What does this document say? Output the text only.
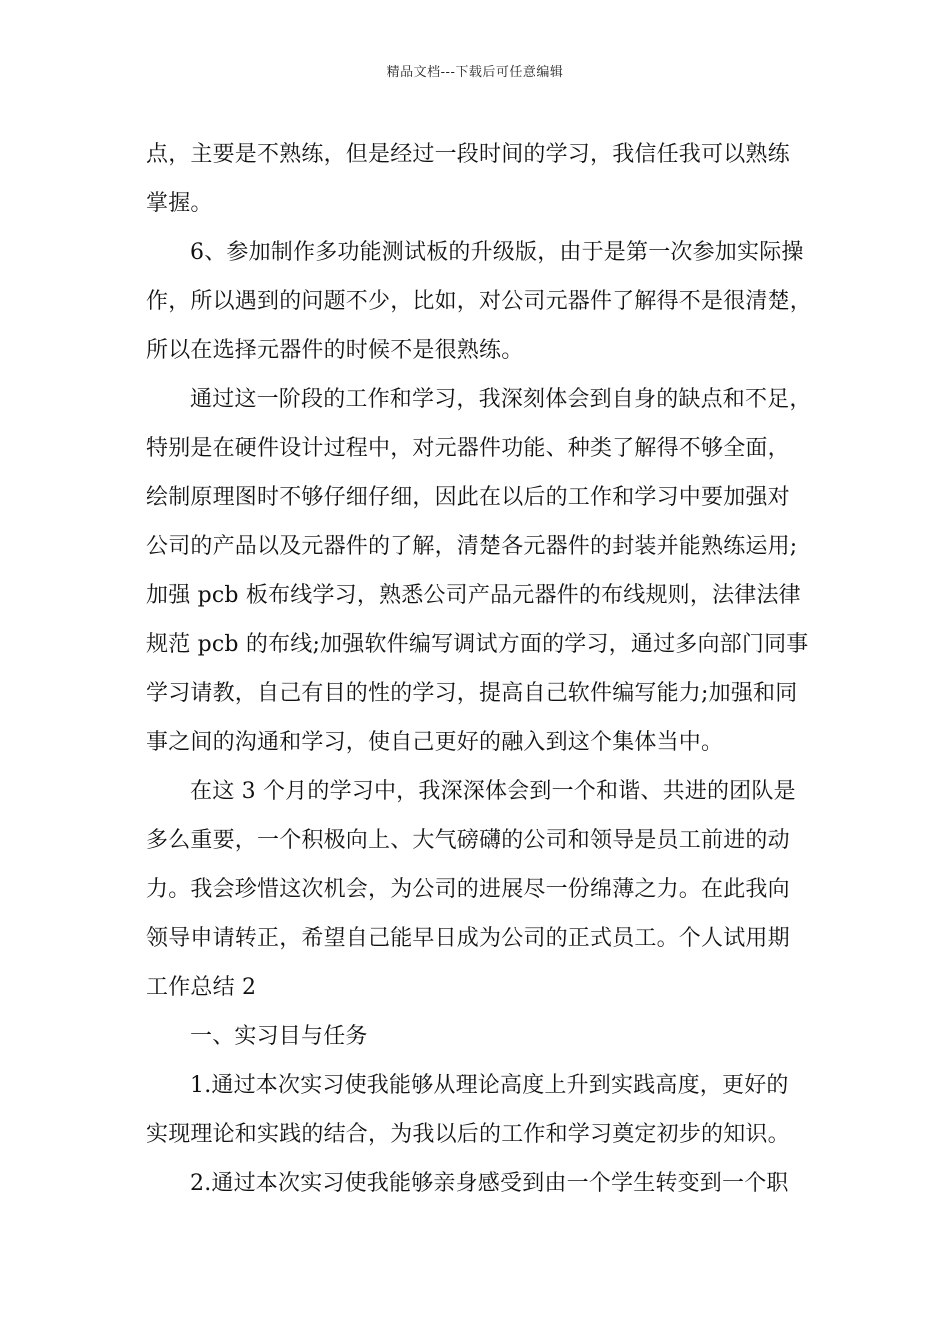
精品文档---下载后可任意编辑
点，主要是不熟练，但是经过一段时间的学习，我信任我可以熟练
掌握。
6、参加制作多功能测试板的升级版，由于是第一次参加实际操
作，所以遇到的问题不少，比如，对公司元器件了解得不是很清楚，
所以在选择元器件的时候不是很熟练。
通过这一阶段的工作和学习，我深刻体会到自身的缺点和不足，
特别是在硬件设计过程中，对元器件功能、种类了解得不够全面，
绘制原理图时不够仔细仔细，因此在以后的工作和学习中要加强对
公司的产品以及元器件的了解，清楚各元器件的封装并能熟练运用;
加强 pcb 板布线学习，熟悉公司产品元器件的布线规则，法律法律
规范 pcb 的布线;加强软件编写调试方面的学习，通过多向部门同事
学习请教，自己有目的性的学习，提高自己软件编写能力;加强和同
事之间的沟通和学习，使自己更好的融入到这个集体当中。
在这 3 个月的学习中，我深深体会到一个和谐、共进的团队是
多么重要，一个积极向上、大气磅礴的公司和领导是员工前进的动
力。我会珍惜这次机会，为公司的进展尽一份绵薄之力。在此我向
领导申请转正，希望自己能早日成为公司的正式员工。个人试用期
工作总结 2
一、实习目与任务
1.通过本次实习使我能够从理论高度上升到实践高度，更好的
实现理论和实践的结合，为我以后的工作和学习奠定初步的知识。
2.通过本次实习使我能够亲身感受到由一个学生转变到一个职
